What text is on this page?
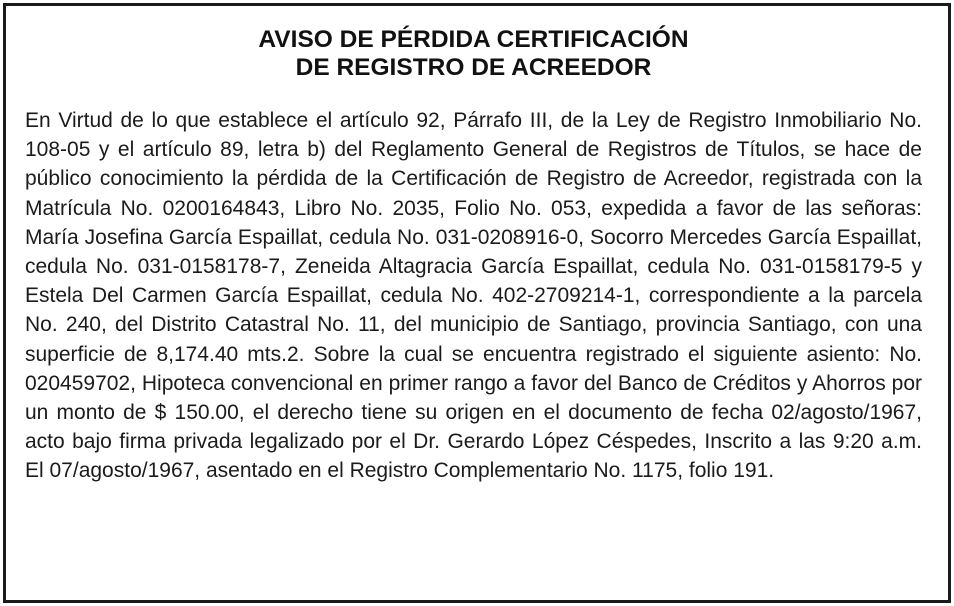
AVISO DE PÉRDIDA CERTIFICACIÓN
DE REGISTRO DE ACREEDOR

En Virtud de lo que establece el artículo 92, Párrafo III, de la Ley de Registro Inmobiliario No. 108-05 y el artículo 89, letra b) del Reglamento General de Registros de Títulos, se hace de público conocimiento la pérdida de la Certificación de Registro de Acreedor, registrada con la Matrícula No. 0200164843, Libro No. 2035, Folio No. 053, expedida a favor de las señoras: María Josefina García Espaillat, cedula No. 031-0208916-0, Socorro Mercedes García Espaillat, cedula No. 031-0158178-7, Zeneida Altagracia García Espaillat, cedula No. 031-0158179-5 y Estela Del Carmen García Espaillat, cedula No. 402-2709214-1, correspondiente a la parcela No. 240, del Distrito Catastral No. 11, del municipio de Santiago, provincia Santiago, con una superficie de 8,174.40 mts.2. Sobre la cual se encuentra registrado el siguiente asiento: No. 020459702, Hipoteca convencional en primer rango a favor del Banco de Créditos y Ahorros por un monto de $ 150.00, el derecho tiene su origen en el documento de fecha 02/agosto/1967, acto bajo firma privada legalizado por el Dr. Gerardo López Céspedes, Inscrito a las 9:20 a.m. El 07/agosto/1967, asentado en el Registro Complementario No. 1175, folio 191.
